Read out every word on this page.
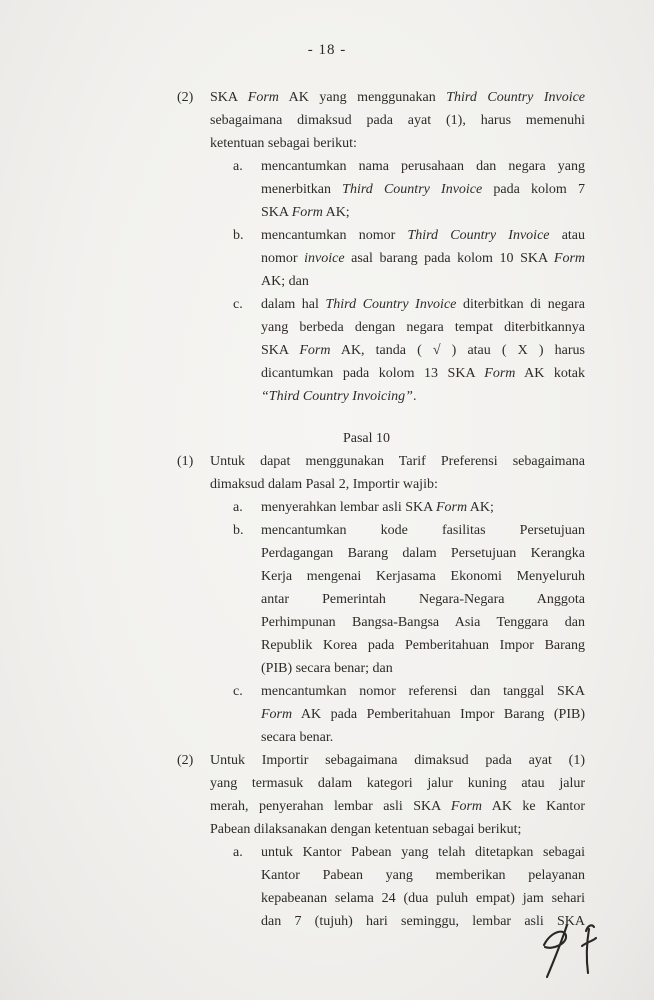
- 18 -
(2)	SKA Form AK yang menggunakan Third Country Invoice
sebagaimana dimaksud pada ayat (1), harus memenuhi
ketentuan sebagai berikut:
a.	mencantumkan nama perusahaan dan negara yang
menerbitkan Third Country Invoice pada kolom 7
SKA Form AK;
b.	mencantumkan nomor Third Country Invoice atau
nomor invoice asal barang pada kolom 10 SKA Form
AK; dan
c.	dalam hal Third Country Invoice diterbitkan di negara
yang berbeda dengan negara tempat diterbitkannya
SKA Form AK, tanda ( √ ) atau ( X ) harus
dicantumkan pada kolom 13 SKA Form AK kotak
“Third Country Invoicing”.
Pasal 10
(1)	Untuk dapat menggunakan Tarif Preferensi sebagaimana
dimaksud dalam Pasal 2, Importir wajib:
a.	menyerahkan lembar asli SKA Form AK;
b.	mencantumkan kode fasilitas Persetujuan
Perdagangan Barang dalam Persetujuan Kerangka
Kerja mengenai Kerjasama Ekonomi Menyeluruh
antar Pemerintah Negara-Negara Anggota
Perhimpunan Bangsa-Bangsa Asia Tenggara dan
Republik Korea pada Pemberitahuan Impor Barang
(PIB) secara benar; dan
c.	mencantumkan nomor referensi dan tanggal SKA
Form AK pada Pemberitahuan Impor Barang (PIB)
secara benar.
(2)	Untuk Importir sebagaimana dimaksud pada ayat (1)
yang termasuk dalam kategori jalur kuning atau jalur
merah, penyerahan lembar asli SKA Form AK ke Kantor
Pabean dilaksanakan dengan ketentuan sebagai berikut;
a.	untuk Kantor Pabean yang telah ditetapkan sebagai
Kantor Pabean yang memberikan pelayanan
kepabeanan selama 24 (dua puluh empat) jam sehari
dan 7 (tujuh) hari seminggu, lembar asli SKA
